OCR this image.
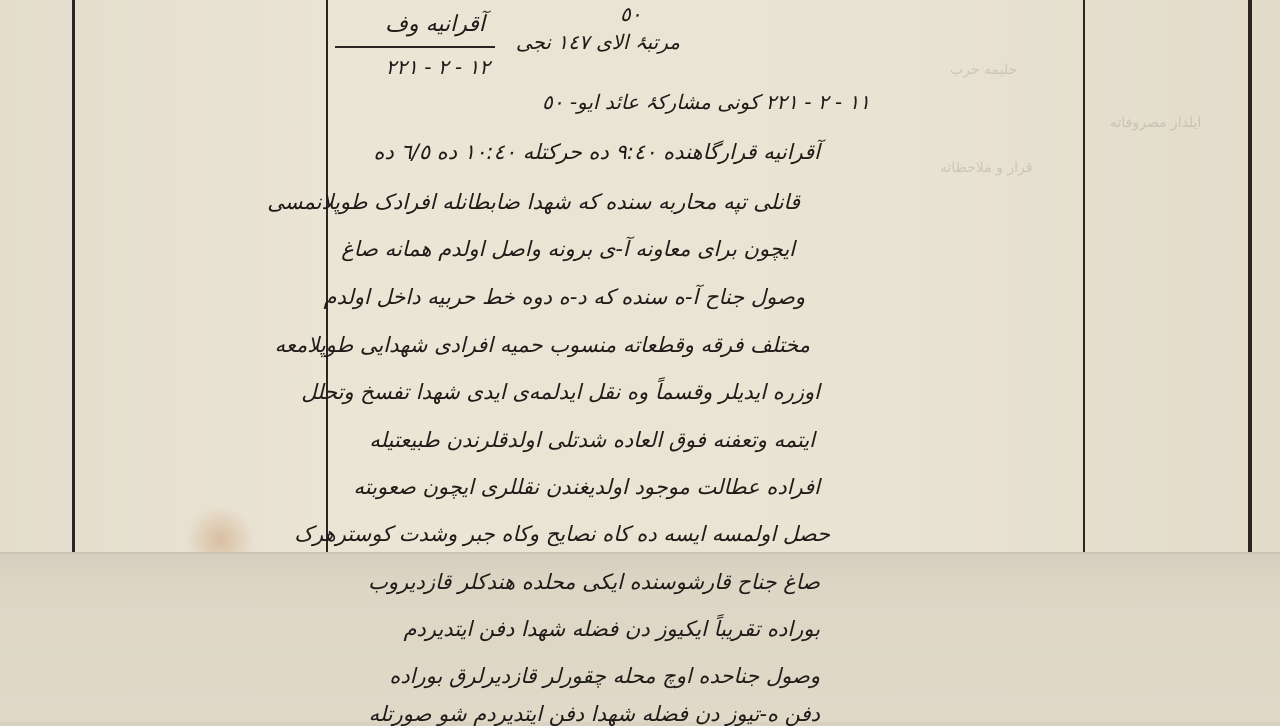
حلیمه حرب
ایلداز مصروفاته
قرار و ملاحظاته
٥٠
آقرانیه وف
مرتبۂ الای ١٤٧ نجی
١٢ - ٢ - ٢٢١
١١ - ٢ - ٢٢١ کونی مشارکۂ عائد ایو- ٥٠
آقرانیه قرارگاهنده ٩:٤٠ ده حرکتله ١٠:٤٠ ده ٦/٥ ده
قانلی تپه محاربه سنده که شهدا ضابطانله افرادک طوپلانمسی
ایچون برای معاونه آ-ی برونه واصل اولدم همانه صاغ
وصول جناح آ-ه سنده که د-ه دوه خط حربیه داخل اولدم
مختلف فرقه وقطعاته منسوب حمیه افرادی شهدایی طوپلامعه
اوزره ایدیلر وقسماً وه نقل ایدلمه‌ی ایدی شهدا تفسخ وتحلل
ایتمه وتعفنه فوق العاده شدتلی اولدقلرندن طبیعتیله
افراده عطالت موجود اولدیغندن نقللری ایچون صعوبته
حصل اولمسه ایسه ده کاه نصایح وکاه جبر وشدت کوسترهرک
صاغ جناح قارشوسنده ایکی محلده هندکلر قازدیروب
بوراده تقریباً ایکیوز دن فضله شهدا دفن ایتدیردم
وصول جناحده اوچ محله چقورلر قازدیرلرق بوراده
دفن ه-تیوز دن فضله شهدا دفن ایتدیردم شو صورتله
